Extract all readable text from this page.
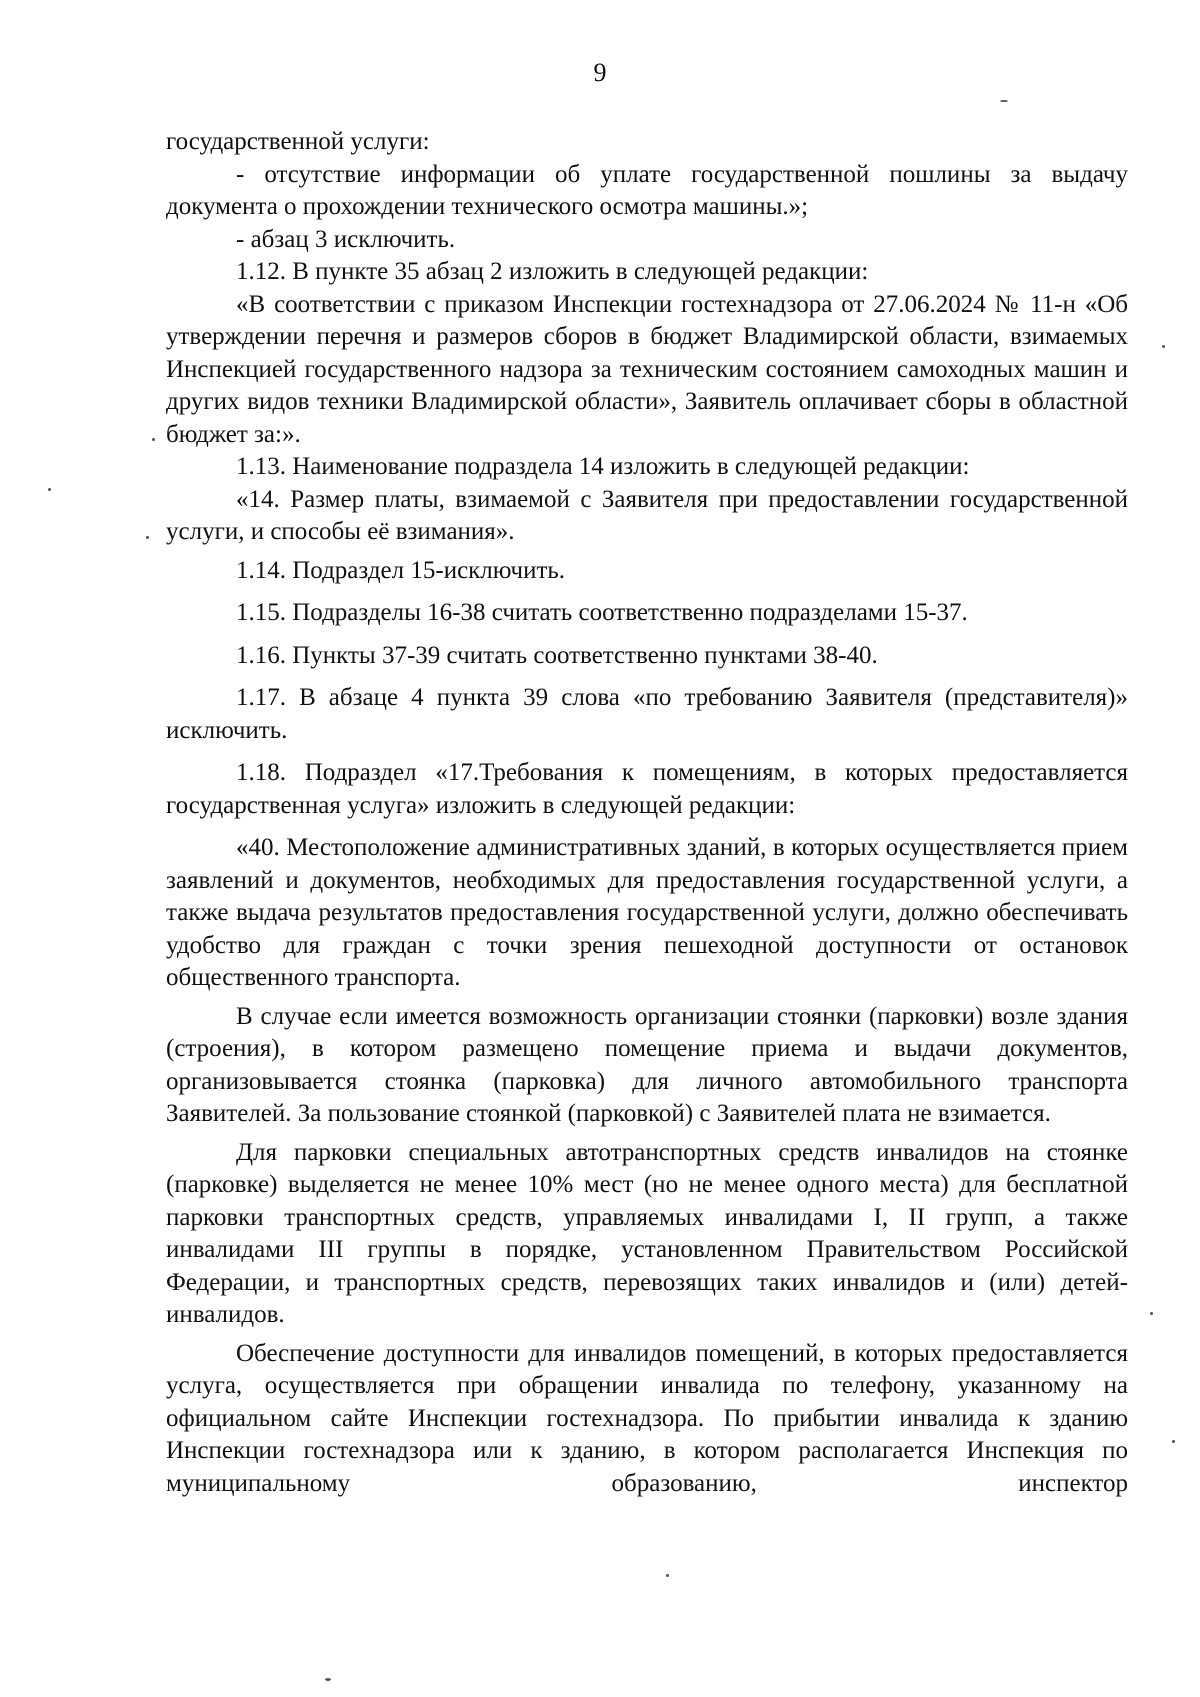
9

государственной услуги:

- отсутствие информации об уплате государственной пошлины за выдачу документа о прохождении технического осмотра машины.»;

- абзац 3 исключить.

1.12. В пункте 35 абзац 2 изложить в следующей редакции:

«В соответствии с приказом Инспекции гостехнадзора от 27.06.2024 № 11-н «Об утверждении перечня и размеров сборов в бюджет Владимирской области, взимаемых Инспекцией государственного надзора за техническим состоянием самоходных машин и других видов техники Владимирской области», Заявитель оплачивает сборы в областной бюджет за:».

1.13. Наименование подраздела 14 изложить в следующей редакции:

«14. Размер платы, взимаемой с Заявителя при предоставлении государственной услуги, и способы её взимания».

1.14. Подраздел 15-исключить.

1.15. Подразделы 16-38 считать соответственно подразделами 15-37.

1.16. Пункты 37-39 считать соответственно пунктами 38-40.

1.17. В абзаце 4 пункта 39 слова «по требованию Заявителя (представителя)» исключить.

1.18. Подраздел «17.Требования к помещениям, в которых предоставляется государственная услуга» изложить в следующей редакции:

«40. Местоположение административных зданий, в которых осуществляется прием заявлений и документов, необходимых для предоставления государственной услуги, а также выдача результатов предоставления государственной услуги, должно обеспечивать удобство для граждан с точки зрения пешеходной доступности от остановок общественного транспорта.

В случае если имеется возможность организации стоянки (парковки) возле здания (строения), в котором размещено помещение приема и выдачи документов, организовывается стоянка (парковка) для личного автомобильного транспорта Заявителей. За пользование стоянкой (парковкой) с Заявителей плата не взимается.

Для парковки специальных автотранспортных средств инвалидов на стоянке (парковке) выделяется не менее 10% мест (но не менее одного места) для бесплатной парковки транспортных средств, управляемых инвалидами I, II групп, а также инвалидами III группы в порядке, установленном Правительством Российской Федерации, и транспортных средств, перевозящих таких инвалидов и (или) детей-инвалидов.

Обеспечение доступности для инвалидов помещений, в которых предоставляется услуга, осуществляется при обращении инвалида по телефону, указанному на официальном сайте Инспекции гостехнадзора. По прибытии инвалида к зданию Инспекции гостехнадзора или к зданию, в котором располагается Инспекция по муниципальному образованию, инспектор
